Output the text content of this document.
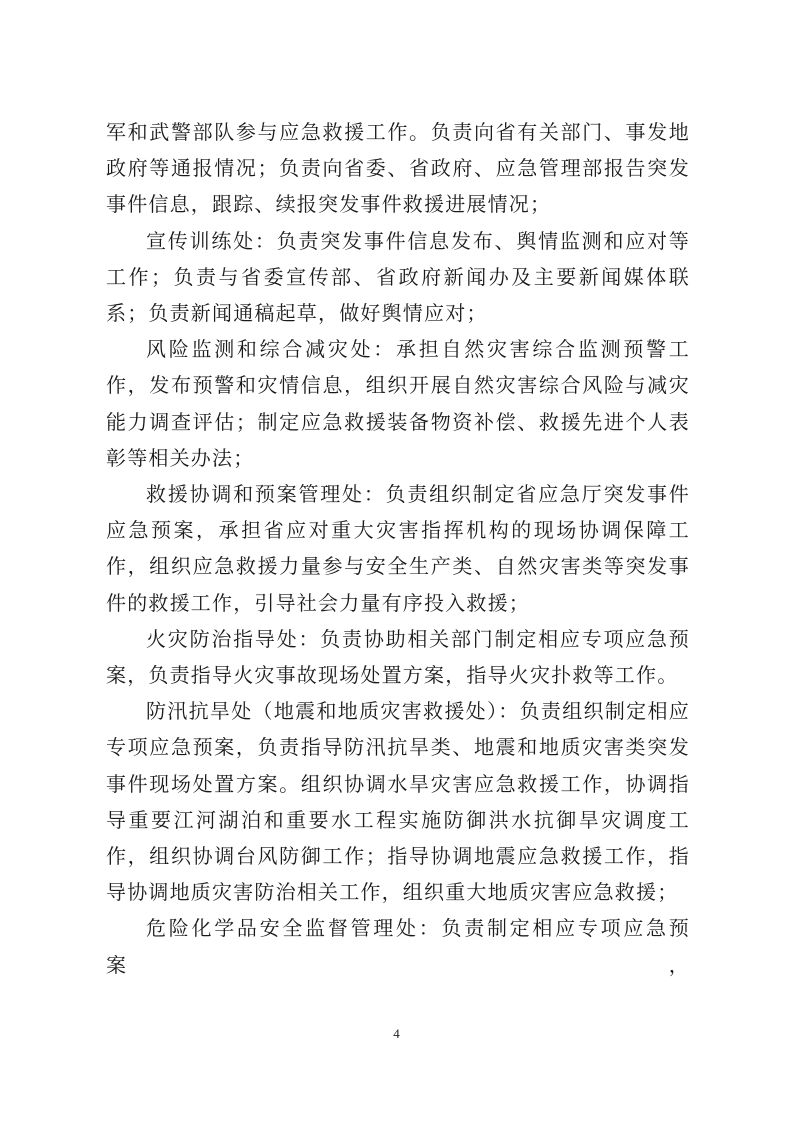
军和武警部队参与应急救援工作。负责向省有关部门、事发地政府等通报情况；负责向省委、省政府、应急管理部报告突发事件信息，跟踪、续报突发事件救援进展情况；

宣传训练处：负责突发事件信息发布、舆情监测和应对等工作；负责与省委宣传部、省政府新闻办及主要新闻媒体联系；负责新闻通稿起草，做好舆情应对；

风险监测和综合减灾处：承担自然灾害综合监测预警工作，发布预警和灾情信息，组织开展自然灾害综合风险与减灾能力调查评估；制定应急救援装备物资补偿、救援先进个人表彰等相关办法；

救援协调和预案管理处：负责组织制定省应急厅突发事件应急预案，承担省应对重大灾害指挥机构的现场协调保障工作，组织应急救援力量参与安全生产类、自然灾害类等突发事件的救援工作，引导社会力量有序投入救援；

火灾防治指导处：负责协助相关部门制定相应专项应急预案，负责指导火灾事故现场处置方案，指导火灾扑救等工作。

防汛抗旱处（地震和地质灾害救援处）：负责组织制定相应专项应急预案，负责指导防汛抗旱类、地震和地质灾害类突发事件现场处置方案。组织协调水旱灾害应急救援工作，协调指导重要江河湖泊和重要水工程实施防御洪水抗御旱灾调度工作，组织协调台风防御工作；指导协调地震应急救援工作，指导协调地质灾害防治相关工作，组织重大地质灾害应急救援；

危险化学品安全监督管理处：负责制定相应专项应急预案，

4
